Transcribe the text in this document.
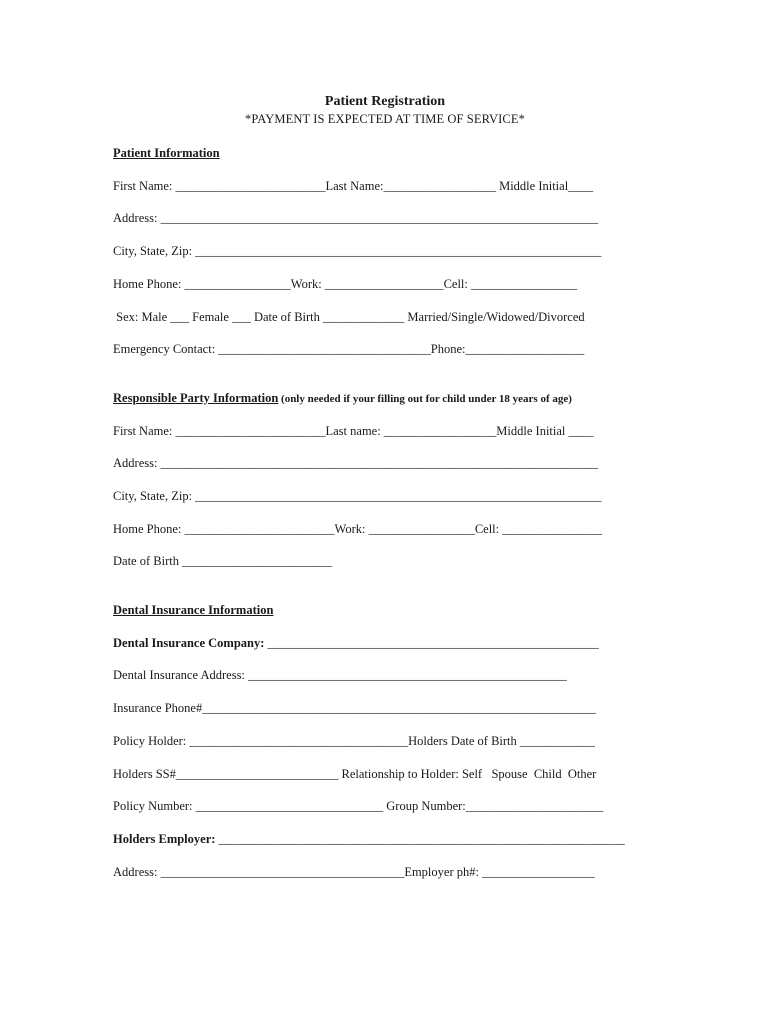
Patient Registration
*PAYMENT IS EXPECTED AT TIME OF SERVICE*
Patient Information
First Name: ________________________Last Name:__________________ Middle Initial____
Address: ______________________________________________________________________
City, State, Zip: _________________________________________________________________
Home Phone: _________________Work: ___________________Cell: _________________
Sex: Male ___ Female ___ Date of Birth _____________ Married/Single/Widowed/Divorced
Emergency Contact: __________________________________Phone:___________________
Responsible Party Information (only needed if your filling out for child under 18 years of age)
First Name: ________________________Last name: __________________Middle Initial ____
Address: ______________________________________________________________________
City, State, Zip: _________________________________________________________________
Home Phone: ________________________Work: _________________Cell: ________________
Date of Birth ________________________
Dental Insurance Information
Dental Insurance Company: _____________________________________________________
Dental Insurance Address: ___________________________________________________
Insurance Phone#_______________________________________________________________
Policy Holder: ___________________________________Holders Date of Birth ____________
Holders SS#__________________________ Relationship to Holder: Self   Spouse  Child  Other
Policy Number: ______________________________ Group Number:______________________
Holders Employer: _________________________________________________________________
Address: _______________________________________Employer ph#: __________________
